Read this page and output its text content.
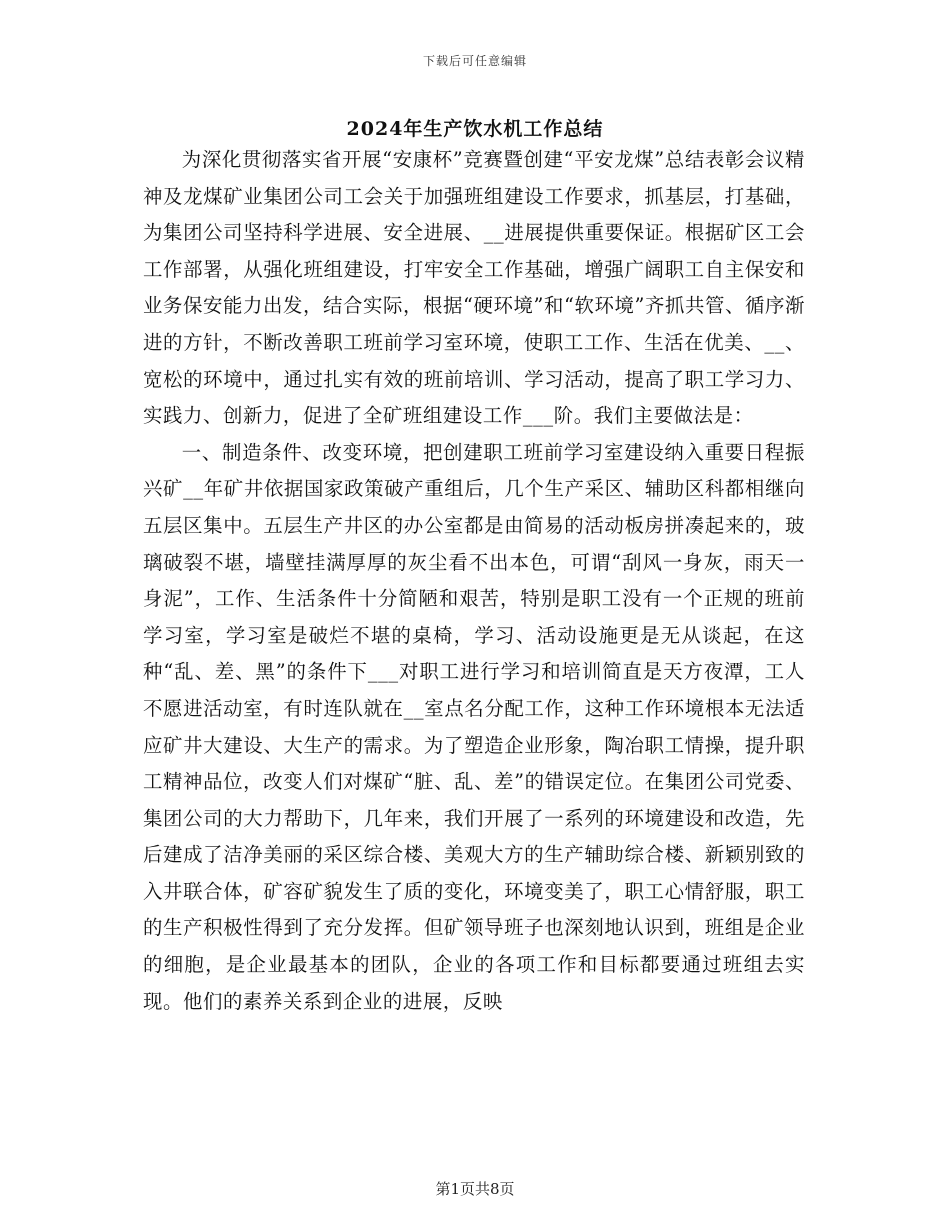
下载后可任意编辑
2024年生产饮水机工作总结

为深化贯彻落实省开展“安康杯”竞赛暨创建“平安龙煤”总结表彰会议精神及龙煤矿业集团公司工会关于加强班组建设工作要求，抓基层，打基础，为集团公司坚持科学进展、安全进展、__进展提供重要保证。根据矿区工会工作部署，从强化班组建设，打牢安全工作基础，增强广阔职工自主保安和业务保安能力出发，结合实际，根据“硬环境”和“软环境”齐抓共管、循序渐进的方针，不断改善职工班前学习室环境，使职工工作、生活在优美、__、宽松的环境中，通过扎实有效的班前培训、学习活动，提高了职工学习力、实践力、创新力，促进了全矿班组建设工作___阶。我们主要做法是：

一、制造条件、改变环境，把创建职工班前学习室建设纳入重要日程振兴矿__年矿井依据国家政策破产重组后，几个生产采区、辅助区科都相继向五层区集中。五层生产井区的办公室都是由简易的活动板房拼凑起来的，玻璃破裂不堪，墙壁挂满厚厚的灰尘看不出本色，可谓“刮风一身灰，雨天一身泥”，工作、生活条件十分简陋和艰苦，特别是职工没有一个正规的班前学习室，学习室是破烂不堪的桌椅，学习、活动设施更是无从谈起，在这种“乱、差、黑”的条件下___对职工进行学习和培训简直是天方夜潭，工人不愿进活动室，有时连队就在__室点名分配工作，这种工作环境根本无法适应矿井大建设、大生产的需求。为了塑造企业形象，陶冶职工情操，提升职工精神品位，改变人们对煤矿“脏、乱、差”的错误定位。在集团公司党委、集团公司的大力帮助下，几年来，我们开展了一系列的环境建设和改造，先后建成了洁净美丽的采区综合楼、美观大方的生产辅助综合楼、新颖别致的入井联合体，矿容矿貌发生了质的变化，环境变美了，职工心情舒服，职工的生产积极性得到了充分发挥。但矿领导班子也深刻地认识到，班组是企业的细胞，是企业最基本的团队，企业的各项工作和目标都要通过班组去实现。他们的素养关系到企业的进展，反映

第1页共8页
